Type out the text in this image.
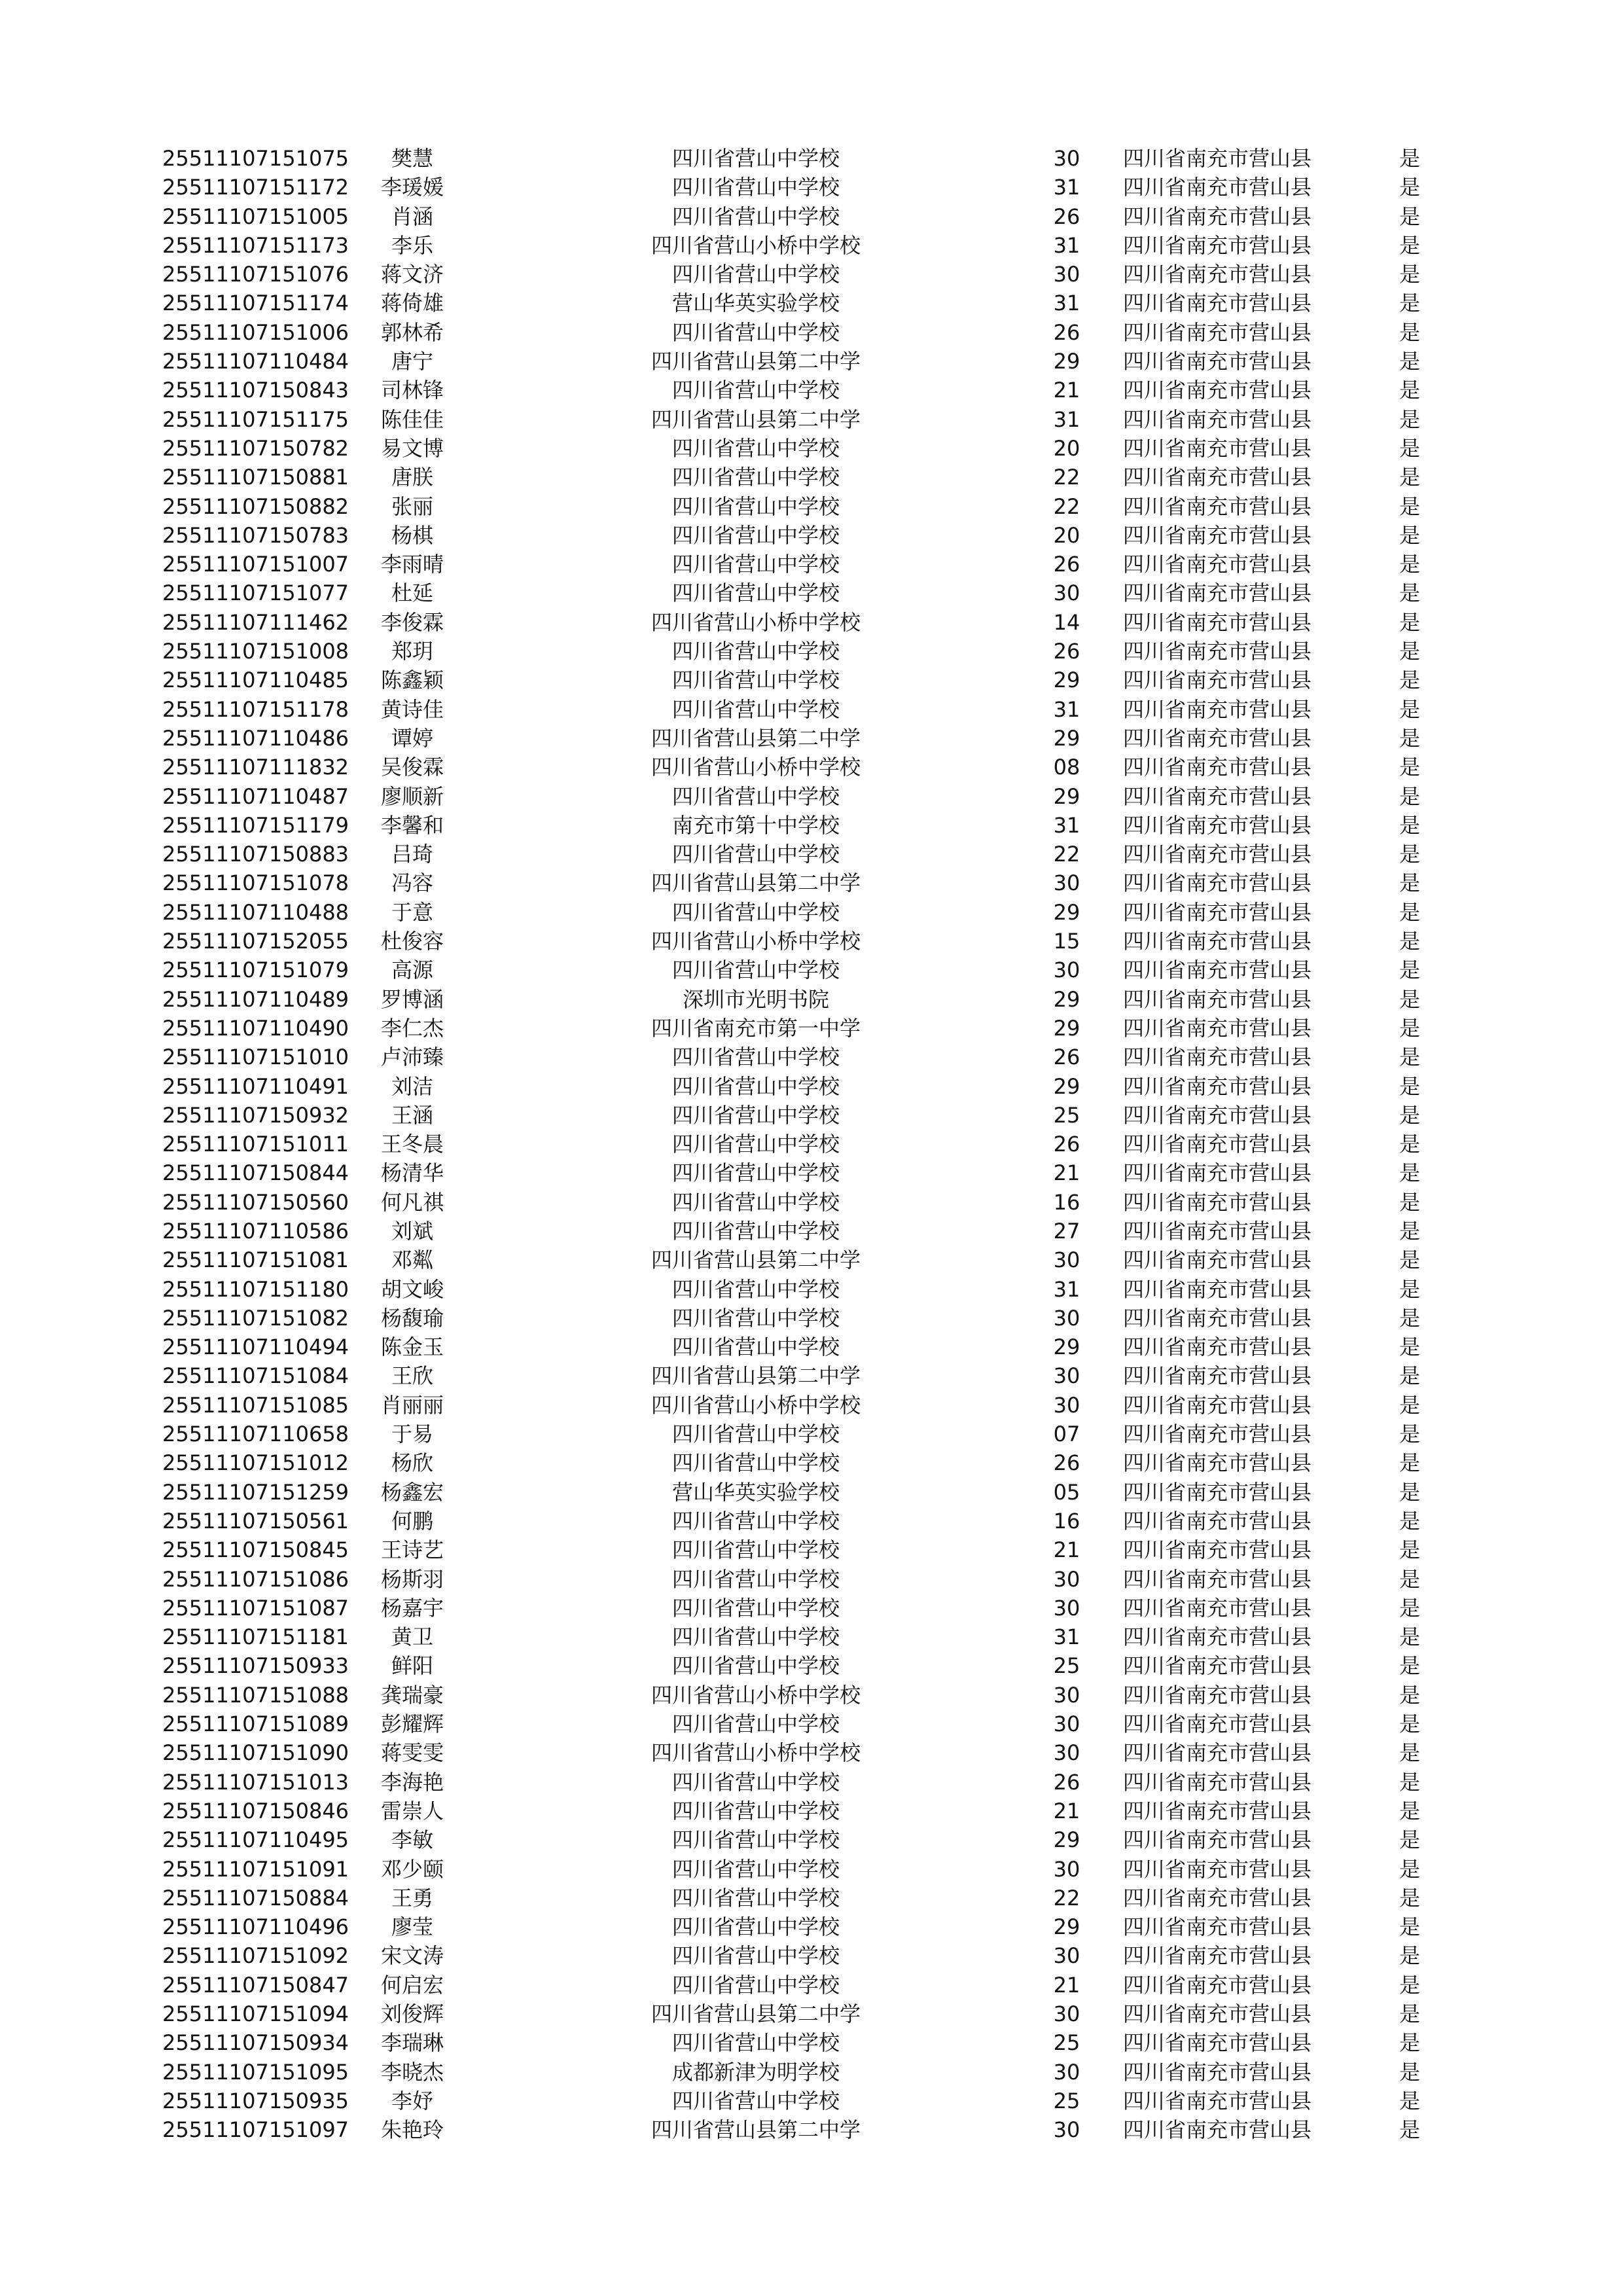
25511107151075	樊慧	四川省营山中学校	30	四川省南充市营山县	是
25511107151172	李瑗媛	四川省营山中学校	31	四川省南充市营山县	是
25511107151005	肖涵	四川省营山中学校	26	四川省南充市营山县	是
25511107151173	李乐	四川省营山小桥中学校	31	四川省南充市营山县	是
25511107151076	蒋文济	四川省营山中学校	30	四川省南充市营山县	是
25511107151174	蒋倚雄	营山华英实验学校	31	四川省南充市营山县	是
25511107151006	郭林希	四川省营山中学校	26	四川省南充市营山县	是
25511107110484	唐宁	四川省营山县第二中学	29	四川省南充市营山县	是
25511107150843	司林锋	四川省营山中学校	21	四川省南充市营山县	是
25511107151175	陈佳佳	四川省营山县第二中学	31	四川省南充市营山县	是
25511107150782	易文博	四川省营山中学校	20	四川省南充市营山县	是
25511107150881	唐朕	四川省营山中学校	22	四川省南充市营山县	是
25511107150882	张丽	四川省营山中学校	22	四川省南充市营山县	是
25511107150783	杨棋	四川省营山中学校	20	四川省南充市营山县	是
25511107151007	李雨晴	四川省营山中学校	26	四川省南充市营山县	是
25511107151077	杜延	四川省营山中学校	30	四川省南充市营山县	是
25511107111462	李俊霖	四川省营山小桥中学校	14	四川省南充市营山县	是
25511107151008	郑玥	四川省营山中学校	26	四川省南充市营山县	是
25511107110485	陈鑫颖	四川省营山中学校	29	四川省南充市营山县	是
25511107151178	黄诗佳	四川省营山中学校	31	四川省南充市营山县	是
25511107110486	谭婷	四川省营山县第二中学	29	四川省南充市营山县	是
25511107111832	吴俊霖	四川省营山小桥中学校	08	四川省南充市营山县	是
25511107110487	廖顺新	四川省营山中学校	29	四川省南充市营山县	是
25511107151179	李馨和	南充市第十中学校	31	四川省南充市营山县	是
25511107150883	吕琦	四川省营山中学校	22	四川省南充市营山县	是
25511107151078	冯容	四川省营山县第二中学	30	四川省南充市营山县	是
25511107110488	于意	四川省营山中学校	29	四川省南充市营山县	是
25511107152055	杜俊容	四川省营山小桥中学校	15	四川省南充市营山县	是
25511107151079	高源	四川省营山中学校	30	四川省南充市营山县	是
25511107110489	罗博涵	深圳市光明书院	29	四川省南充市营山县	是
25511107110490	李仁杰	四川省南充市第一中学	29	四川省南充市营山县	是
25511107151010	卢沛臻	四川省营山中学校	26	四川省南充市营山县	是
25511107110491	刘洁	四川省营山中学校	29	四川省南充市营山县	是
25511107150932	王涵	四川省营山中学校	25	四川省南充市营山县	是
25511107151011	王冬晨	四川省营山中学校	26	四川省南充市营山县	是
25511107150844	杨清华	四川省营山中学校	21	四川省南充市营山县	是
25511107150560	何凡祺	四川省营山中学校	16	四川省南充市营山县	是
25511107110586	刘斌	四川省营山中学校	27	四川省南充市营山县	是
25511107151081	邓粼	四川省营山县第二中学	30	四川省南充市营山县	是
25511107151180	胡文峻	四川省营山中学校	31	四川省南充市营山县	是
25511107151082	杨馥瑜	四川省营山中学校	30	四川省南充市营山县	是
25511107110494	陈金玉	四川省营山中学校	29	四川省南充市营山县	是
25511107151084	王欣	四川省营山县第二中学	30	四川省南充市营山县	是
25511107151085	肖丽丽	四川省营山小桥中学校	30	四川省南充市营山县	是
25511107110658	于易	四川省营山中学校	07	四川省南充市营山县	是
25511107151012	杨欣	四川省营山中学校	26	四川省南充市营山县	是
25511107151259	杨鑫宏	营山华英实验学校	05	四川省南充市营山县	是
25511107150561	何鹏	四川省营山中学校	16	四川省南充市营山县	是
25511107150845	王诗艺	四川省营山中学校	21	四川省南充市营山县	是
25511107151086	杨斯羽	四川省营山中学校	30	四川省南充市营山县	是
25511107151087	杨嘉宇	四川省营山中学校	30	四川省南充市营山县	是
25511107151181	黄卫	四川省营山中学校	31	四川省南充市营山县	是
25511107150933	鲜阳	四川省营山中学校	25	四川省南充市营山县	是
25511107151088	龚瑞豪	四川省营山小桥中学校	30	四川省南充市营山县	是
25511107151089	彭耀辉	四川省营山中学校	30	四川省南充市营山县	是
25511107151090	蒋雯雯	四川省营山小桥中学校	30	四川省南充市营山县	是
25511107151013	李海艳	四川省营山中学校	26	四川省南充市营山县	是
25511107150846	雷崇人	四川省营山中学校	21	四川省南充市营山县	是
25511107110495	李敏	四川省营山中学校	29	四川省南充市营山县	是
25511107151091	邓少颐	四川省营山中学校	30	四川省南充市营山县	是
25511107150884	王勇	四川省营山中学校	22	四川省南充市营山县	是
25511107110496	廖莹	四川省营山中学校	29	四川省南充市营山县	是
25511107151092	宋文涛	四川省营山中学校	30	四川省南充市营山县	是
25511107150847	何启宏	四川省营山中学校	21	四川省南充市营山县	是
25511107151094	刘俊辉	四川省营山县第二中学	30	四川省南充市营山县	是
25511107150934	李瑞琳	四川省营山中学校	25	四川省南充市营山县	是
25511107151095	李晓杰	成都新津为明学校	30	四川省南充市营山县	是
25511107150935	李妤	四川省营山中学校	25	四川省南充市营山县	是
25511107151097	朱艳玲	四川省营山县第二中学	30	四川省南充市营山县	是
